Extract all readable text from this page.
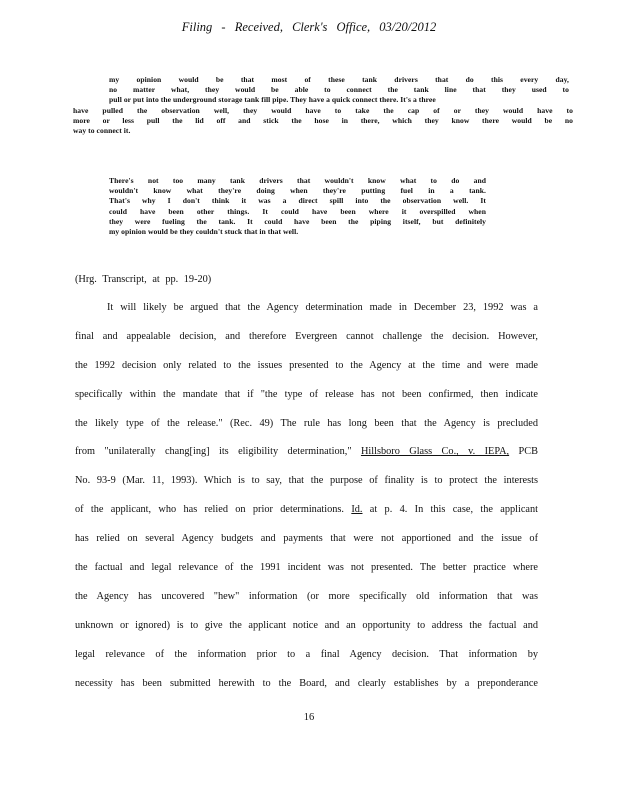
Filing - Received, Clerk's Office, 03/20/2012
my opinion would be that most of these tank drivers that do this every day,
no matter what, they would be able to connect the tank line that they used to
pull or put into the underground storage tank fill pipe. They have a quick connect there. It's a three
have pulled the observation well, they would have to take the cap of or they would have to
more or less pull the lid off and stick the hose in there, which they know there would be no
way to connect it.
There's not too many tank drivers that wouldn't know what to do and
wouldn't know what they're doing when they're putting fuel in a tank.
That's why I don't think it was a direct spill into the observation well. It
could have been other things. It could have been where it overspilled when
they were fueling the tank. It could have been the piping itself, but definitely
my opinion would be they couldn't stuck that in that well.
(Hrg. Transcript, at pp. 19-20)
It will likely be argued that the Agency determination made in December 23, 1992 was a
final and appealable decision, and therefore Evergreen cannot challenge the decision. However,
the 1992 decision only related to the issues presented to the Agency at the time and were made
specifically within the mandate that if "the type of release has not been confirmed, then indicate
the likely type of the release." (Rec. 49) The rule has long been that the Agency is precluded
from "unilaterally chang[ing] its eligibility determination," Hillsboro Glass Co., v. IEPA, PCB
No. 93-9 (Mar. 11, 1993). Which is to say, that the purpose of finality is to protect the interests
of the applicant, who has relied on prior determinations. Id. at p. 4. In this case, the applicant
has relied on several Agency budgets and payments that were not apportioned and the issue of
the factual and legal relevance of the 1991 incident was not presented. The better practice where
the Agency has uncovered "hew" information (or more specifically old information that was
unknown or ignored) is to give the applicant notice and an opportunity to address the factual and
legal relevance of the information prior to a final Agency decision. That information by
necessity has been submitted herewith to the Board, and clearly establishes by a preponderance
16
